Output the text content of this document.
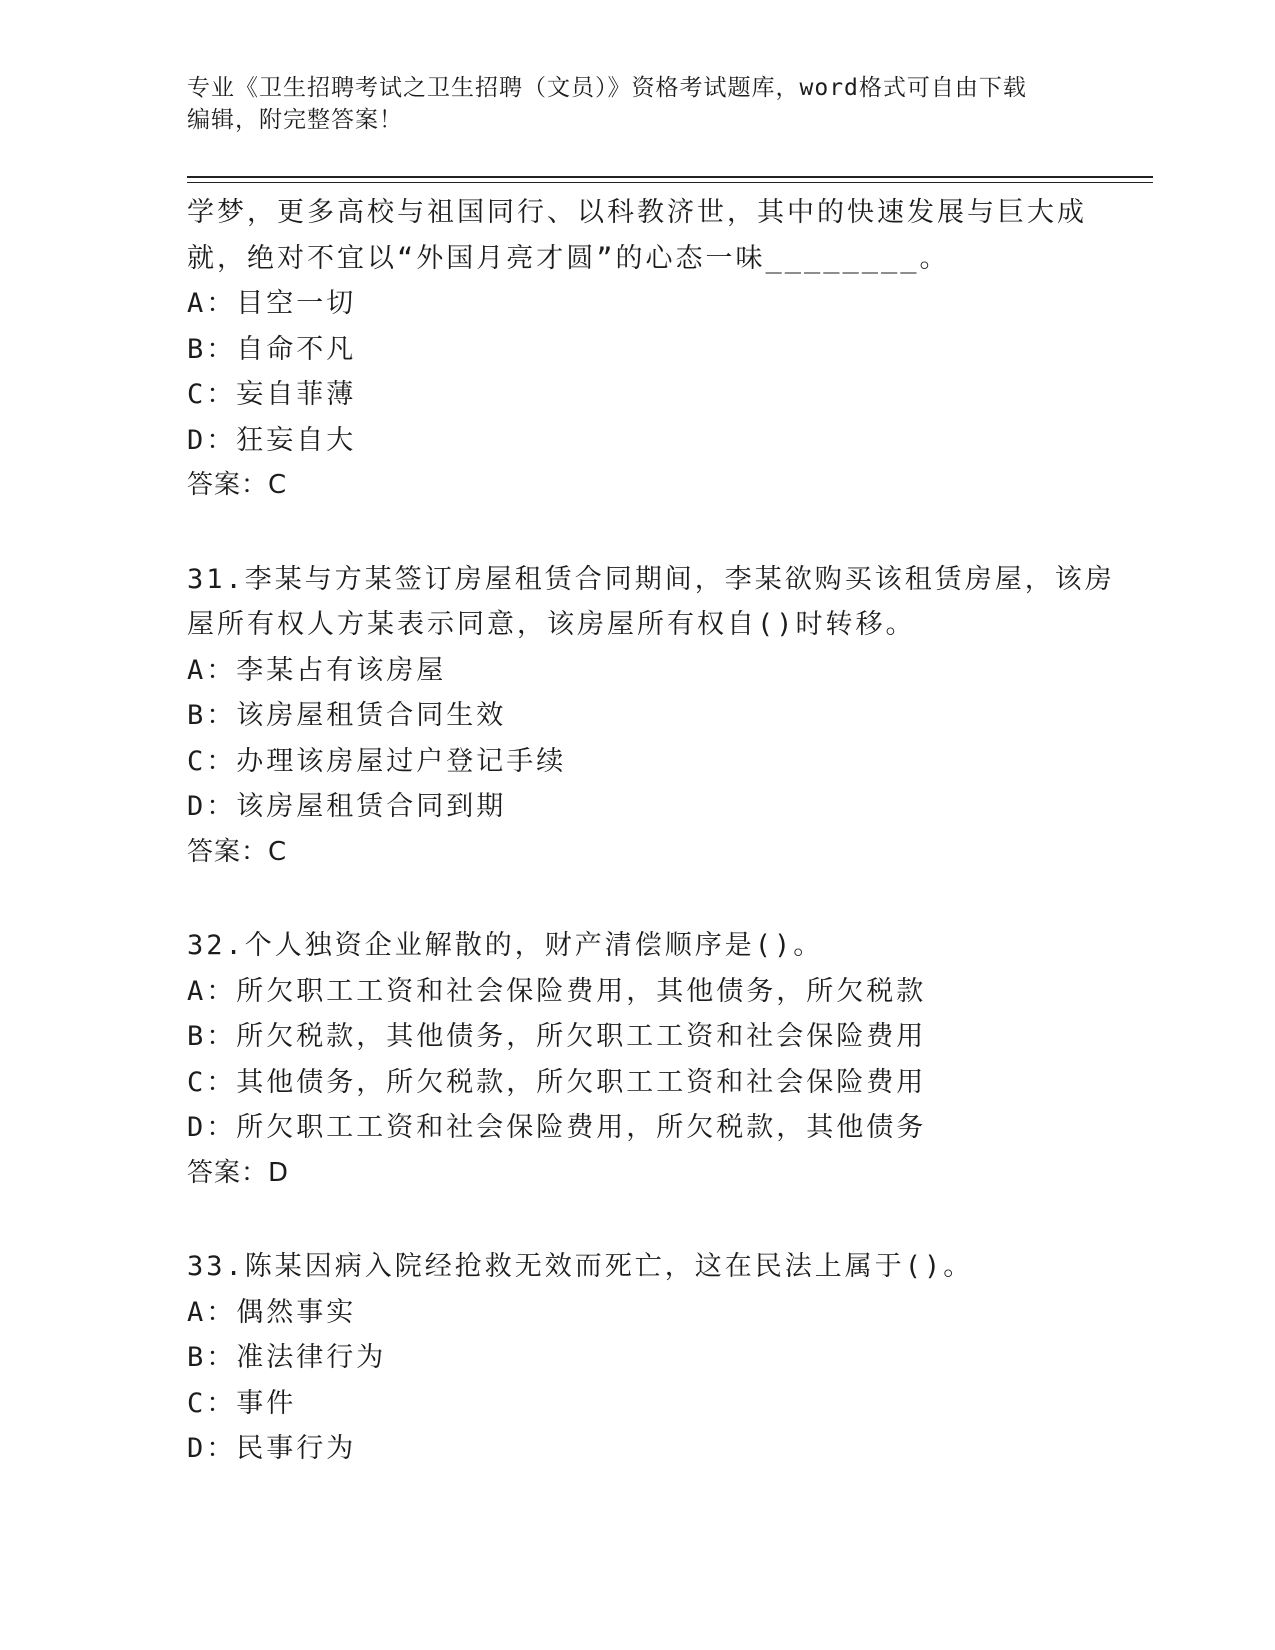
专业《卫生招聘考试之卫生招聘（文员）》资格考试题库，word格式可自由下载
编辑，附完整答案！
学梦，更多高校与祖国同行、以科教济世，其中的快速发展与巨大成
就，绝对不宜以“外国月亮才圆”的心态一味________。
A：目空一切
B：自命不凡
C：妄自菲薄
D：狂妄自大
答案：C
31.李某与方某签订房屋租赁合同期间，李某欲购买该租赁房屋，该房
屋所有权人方某表示同意，该房屋所有权自()时转移。
A：李某占有该房屋
B：该房屋租赁合同生效
C：办理该房屋过户登记手续
D：该房屋租赁合同到期
答案：C
32.个人独资企业解散的，财产清偿顺序是()。
A：所欠职工工资和社会保险费用，其他债务，所欠税款
B：所欠税款，其他债务，所欠职工工资和社会保险费用
C：其他债务，所欠税款，所欠职工工资和社会保险费用
D：所欠职工工资和社会保险费用，所欠税款，其他债务
答案：D
33.陈某因病入院经抢救无效而死亡，这在民法上属于()。
A：偶然事实
B：准法律行为
C：事件
D：民事行为
